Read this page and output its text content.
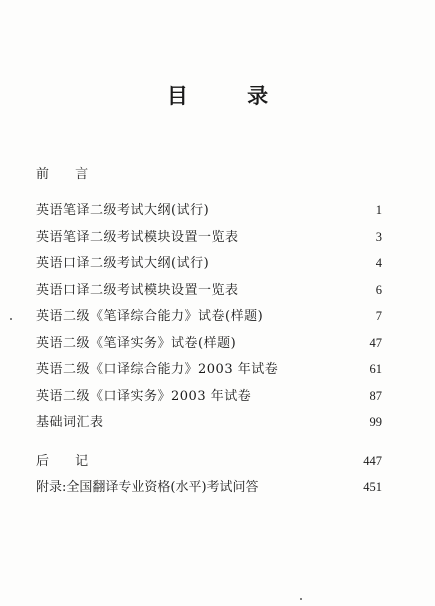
目 录
前 言
英语笔译二级考试大纲(试行)	1
英语笔译二级考试模块设置一览表	3
英语口译二级考试大纲(试行)	4
英语口译二级考试模块设置一览表	6
英语二级《笔译综合能力》试卷(样题)	7
英语二级《笔译实务》试卷(样题)	47
英语二级《口译综合能力》2003 年试卷	61
英语二级《口译实务》2003 年试卷	87
基础词汇表	99
后 记	447
附录:全国翻译专业资格(水平)考试问答	451
